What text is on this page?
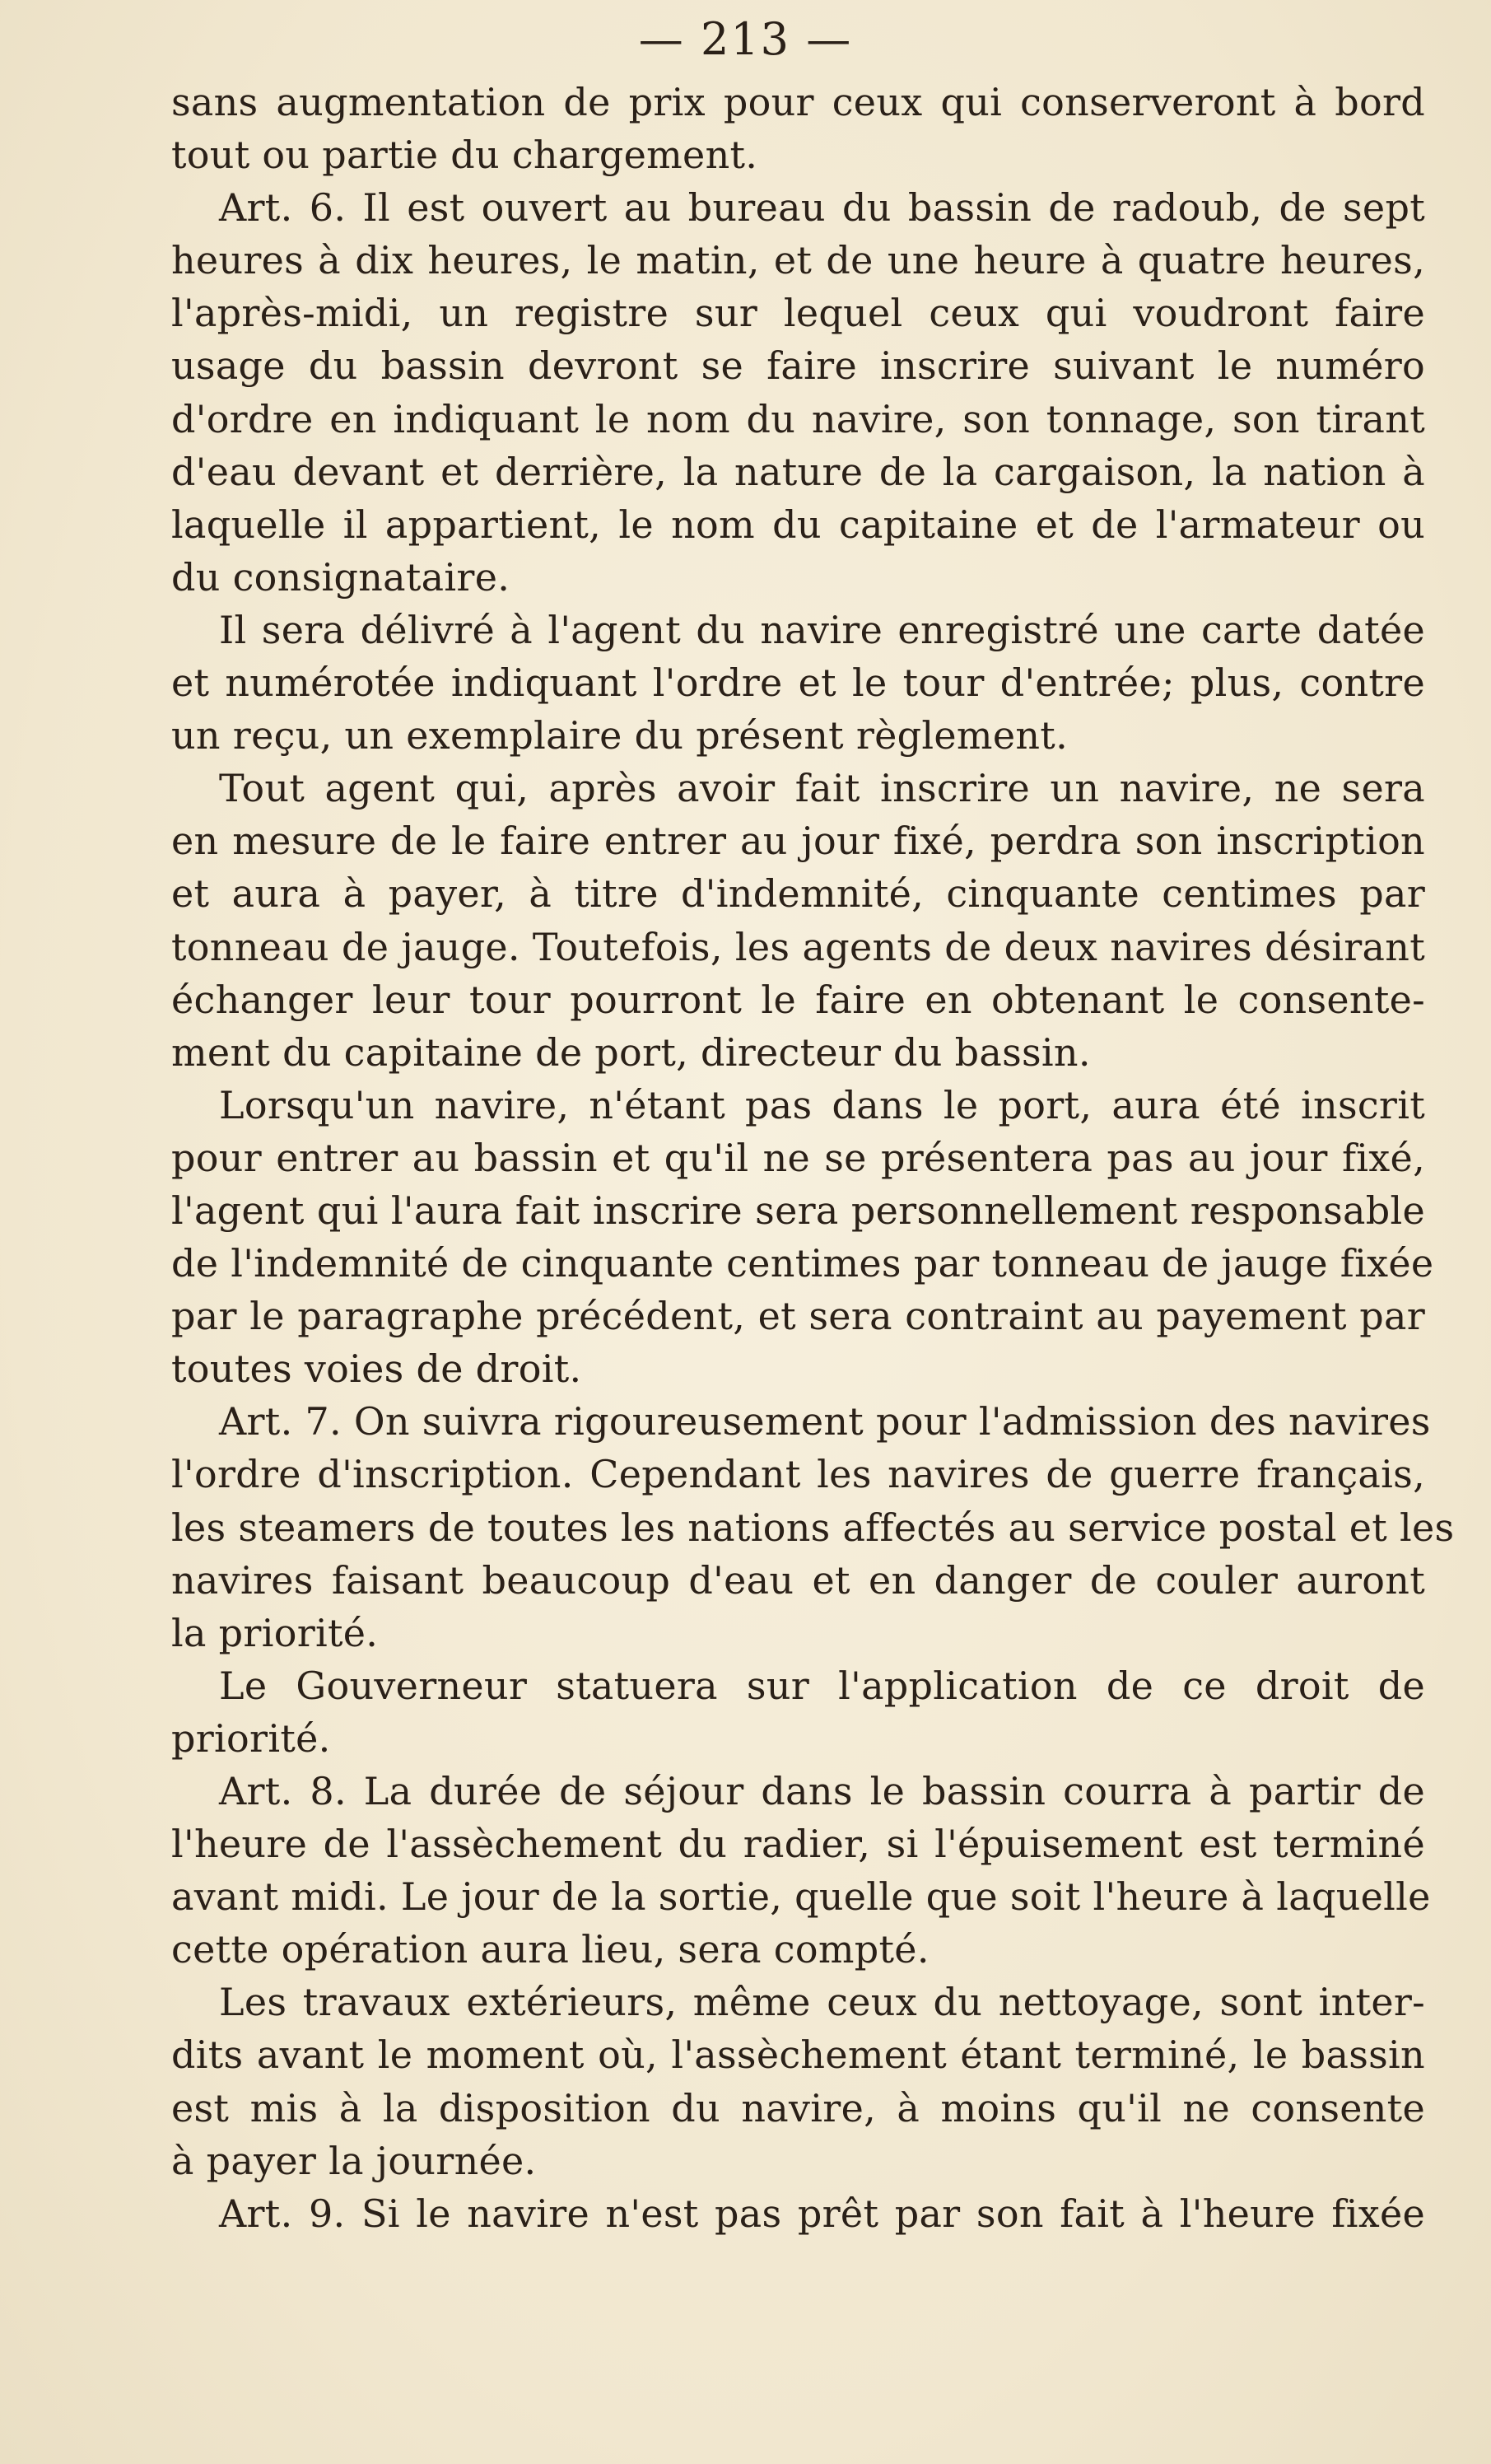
— 213 —
sans augmentation de prix pour ceux qui conserveront à bord
tout ou partie du chargement.
Art. 6. Il est ouvert au bureau du bassin de radoub, de sept
heures à dix heures, le matin, et de une heure à quatre heures,
l'après-midi, un registre sur lequel ceux qui voudront faire
usage du bassin devront se faire inscrire suivant le numéro
d'ordre en indiquant le nom du navire, son tonnage, son tirant
d'eau devant et derrière, la nature de la cargaison, la nation à
laquelle il appartient, le nom du capitaine et de l'armateur ou
du consignataire.
Il sera délivré à l'agent du navire enregistré une carte datée
et numérotée indiquant l'ordre et le tour d'entrée; plus, contre
un reçu, un exemplaire du présent règlement.
Tout agent qui, après avoir fait inscrire un navire, ne sera
en mesure de le faire entrer au jour fixé, perdra son inscription
et aura à payer, à titre d'indemnité, cinquante centimes par
tonneau de jauge. Toutefois, les agents de deux navires désirant
échanger leur tour pourront le faire en obtenant le consente-
ment du capitaine de port, directeur du bassin.
Lorsqu'un navire, n'étant pas dans le port, aura été inscrit
pour entrer au bassin et qu'il ne se présentera pas au jour fixé,
l'agent qui l'aura fait inscrire sera personnellement responsable
de l'indemnité de cinquante centimes par tonneau de jauge fixée
par le paragraphe précédent, et sera contraint au payement par
toutes voies de droit.
Art. 7. On suivra rigoureusement pour l'admission des navires
l'ordre d'inscription. Cependant les navires de guerre français,
les steamers de toutes les nations affectés au service postal et les
navires faisant beaucoup d'eau et en danger de couler auront
la priorité.
Le Gouverneur statuera sur l'application de ce droit de
priorité.
Art. 8. La durée de séjour dans le bassin courra à partir de
l'heure de l'assèchement du radier, si l'épuisement est terminé
avant midi. Le jour de la sortie, quelle que soit l'heure à laquelle
cette opération aura lieu, sera compté.
Les travaux extérieurs, même ceux du nettoyage, sont inter-
dits avant le moment où, l'assèchement étant terminé, le bassin
est mis à la disposition du navire, à moins qu'il ne consente
à payer la journée.
Art. 9. Si le navire n'est pas prêt par son fait à l'heure fixée
